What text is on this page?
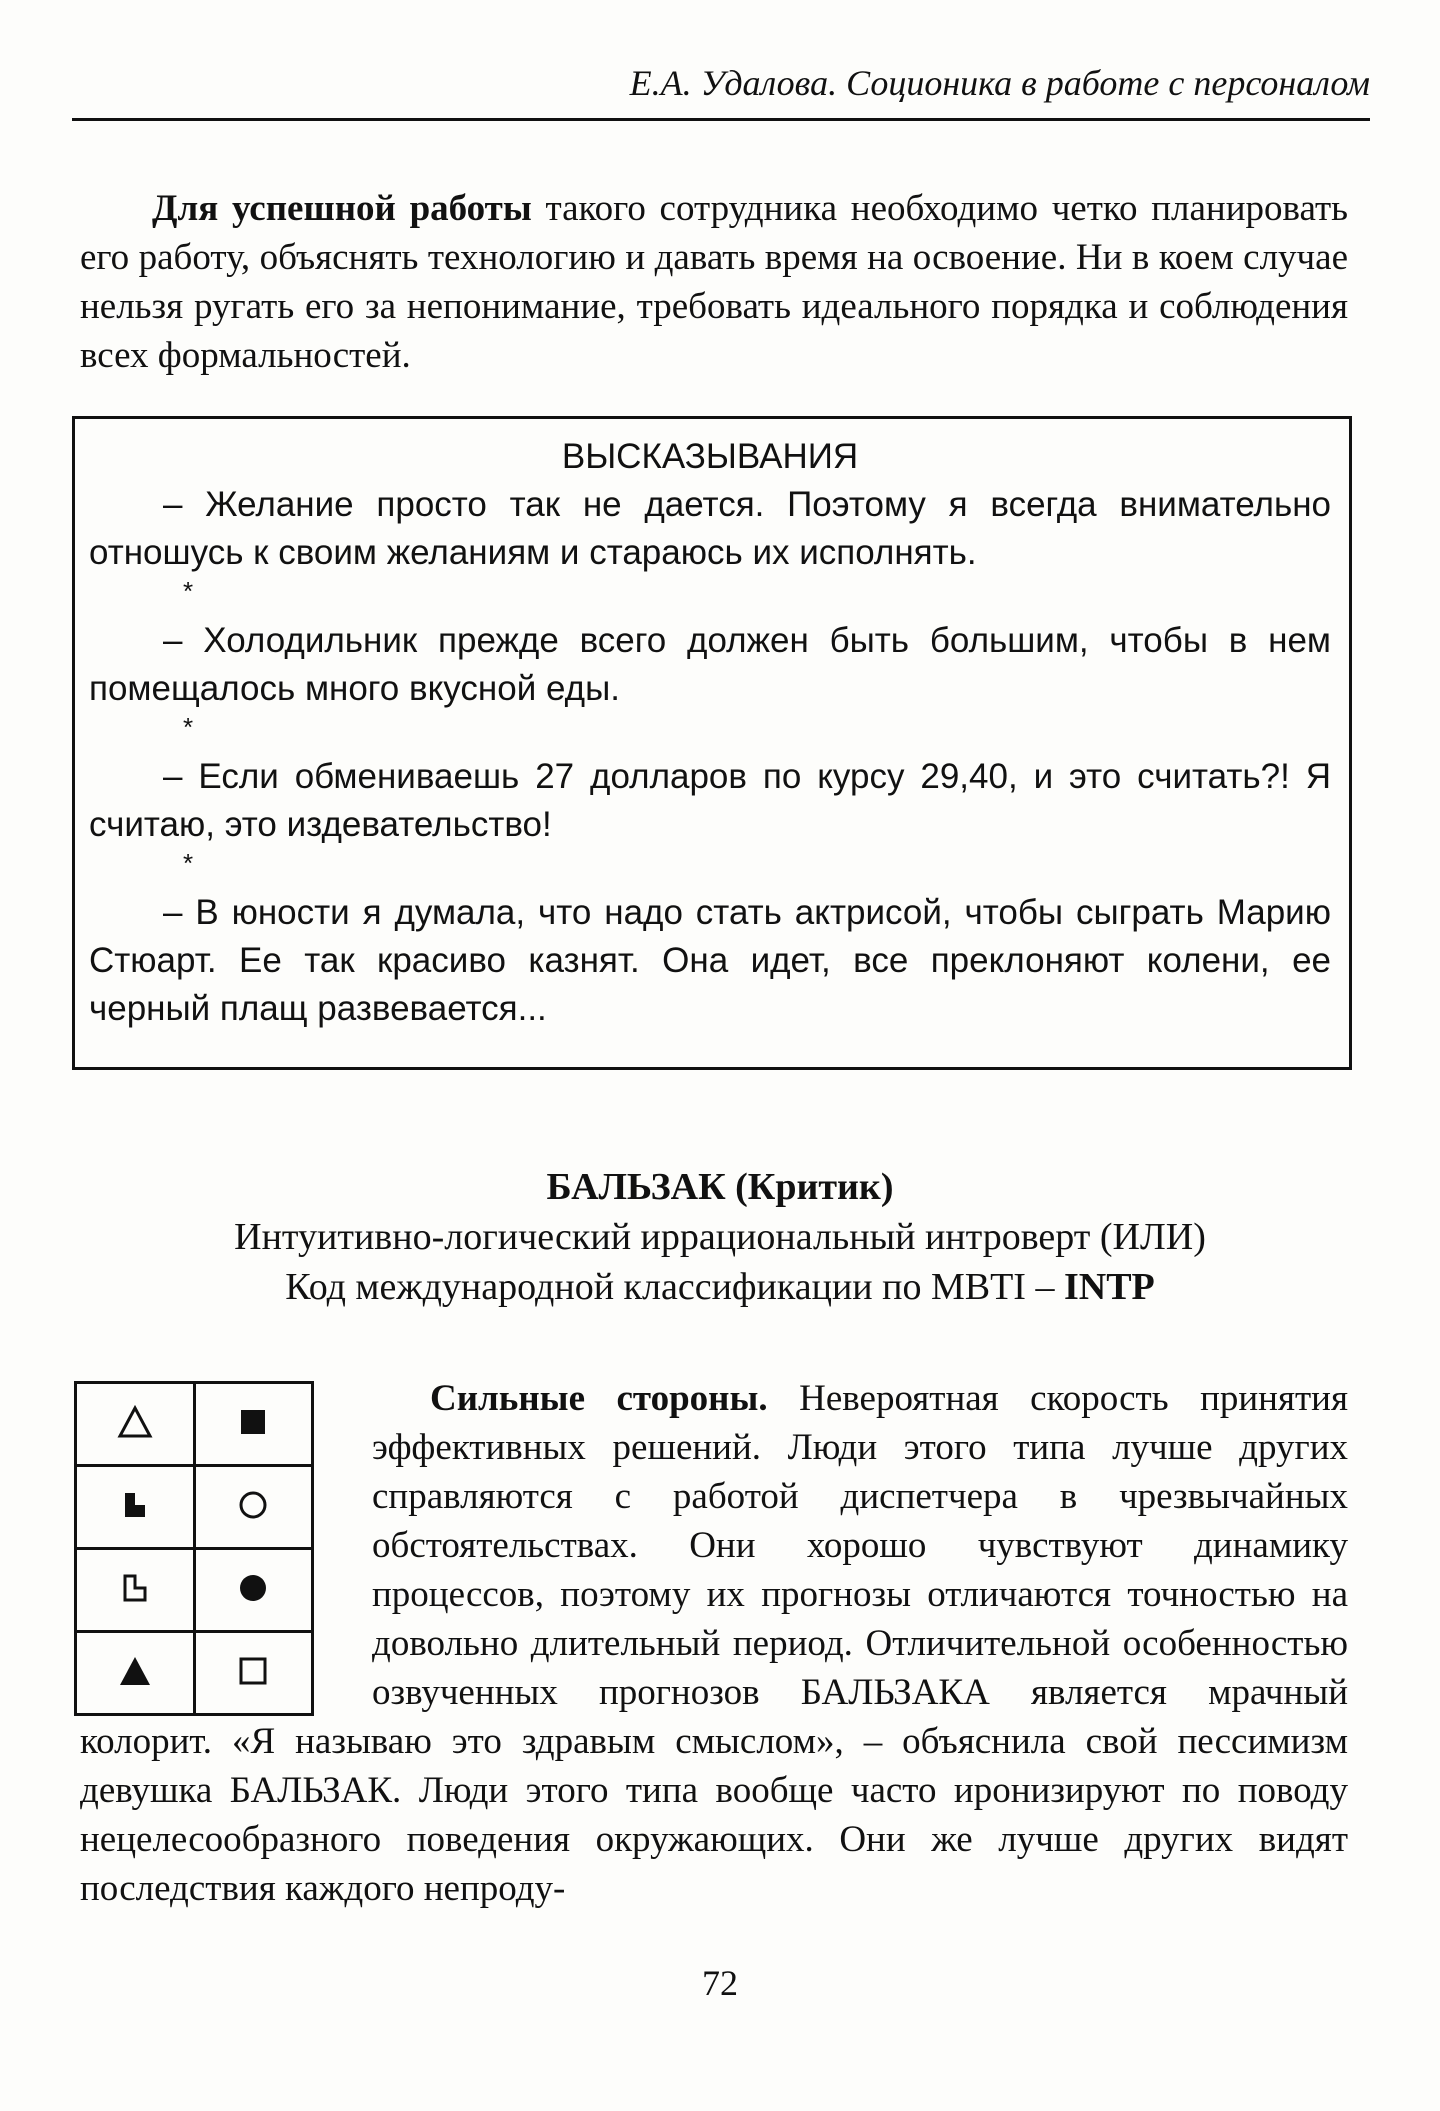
Е.А. Удалова. Соционика в работе с персоналом

Для успешной работы такого сотрудника необходимо четко планировать его работу, объяснять технологию и давать время на освоение. Ни в коем случае нельзя ругать его за непонимание, требовать идеального порядка и соблюдения всех формальностей.

ВЫСКАЗЫВАНИЯ

– Желание просто так не дается. Поэтому я всегда внимательно отношусь к своим желаниям и стараюсь их исполнять.

*

– Холодильник прежде всего должен быть большим, чтобы в нем помещалось много вкусной еды.

*

– Если обмениваешь 27 долларов по курсу 29,40, и это считать?! Я считаю, это издевательство!

*

– В юности я думала, что надо стать актрисой, чтобы сыграть Марию Стюарт. Ее так красиво казнят. Она идет, все преклоняют колени, ее черный плащ развевается...

БАЛЬЗАК (Критик)

Интуитивно-логический иррациональный интроверт (ИЛИ)

Код международной классификации по MBTI – INTP

Сильные стороны. Невероятная скорость принятия эффективных решений. Люди этого типа лучше других справляются с работой диспетчера в чрезвычайных обстоятельствах. Они хорошо чувствуют динамику процессов, поэтому их прогнозы отличаются точностью на довольно длительный период. Отличительной особенностью озвученных прогнозов БАЛЬЗАКА является мрачный колорит. «Я называю это здравым смыслом», – объяснила свой пессимизм девушка БАЛЬЗАК. Люди этого типа вообще часто иронизируют по поводу нецелесообразного поведения окружающих. Они же лучше других видят последствия каждого непроду-

72
